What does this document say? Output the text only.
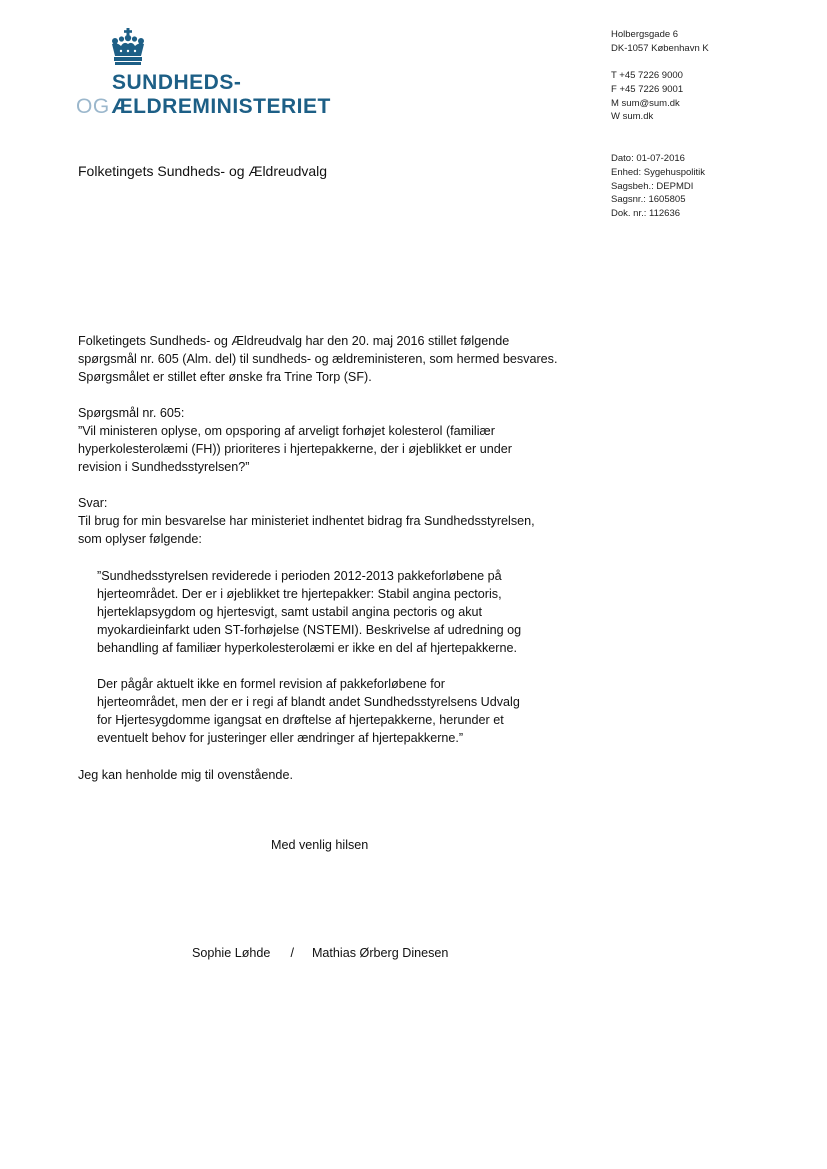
SUNDHEDS-
OGÆLDREMINISTERIET
Holbergsgade 6
DK-1057 København K
T +45 7226 9000
F +45 7226 9001
M sum@sum.dk
W sum.dk
Dato: 01-07-2016
Enhed: Sygehuspolitik
Sagsbeh.: DEPMDI
Sagsnr.: 1605805
Dok. nr.: 112636
Folketingets Sundheds- og Ældreudvalg
Folketingets Sundheds- og Ældreudvalg har den 20. maj 2016 stillet følgende
spørgsmål nr. 605 (Alm. del) til sundheds- og ældreministeren, som hermed besvares.
Spørgsmålet er stillet efter ønske fra Trine Torp (SF).
Spørgsmål nr. 605:
”Vil ministeren oplyse, om opsporing af arveligt forhøjet kolesterol (familiær
hyperkolesterolæmi (FH)) prioriteres i hjertepakkerne, der i øjeblikket er under
revision i Sundhedsstyrelsen?”
Svar:
Til brug for min besvarelse har ministeriet indhentet bidrag fra Sundhedsstyrelsen,
som oplyser følgende:
”Sundhedsstyrelsen reviderede i perioden 2012-2013 pakkeforløbene på
hjerteområdet. Der er i øjeblikket tre hjertepakker: Stabil angina pectoris,
hjerteklapsygdom og hjertesvigt, samt ustabil angina pectoris og akut
myokardieinfarkt uden ST-forhøjelse (NSTEMI). Beskrivelse af udredning og
behandling af familiær hyperkolesterolæmi er ikke en del af hjertepakkerne.
Der pågår aktuelt ikke en formel revision af pakkeforløbene for
hjerteområdet, men der er i regi af blandt andet Sundhedsstyrelsens Udvalg
for Hjertesygdomme igangsat en drøftelse af hjertepakkerne, herunder et
eventuelt behov for justeringer eller ændringer af hjertepakkerne.”
Jeg kan henholde mig til ovenstående.
Med venlig hilsen
Sophie Løhde / Mathias Ørberg Dinesen
